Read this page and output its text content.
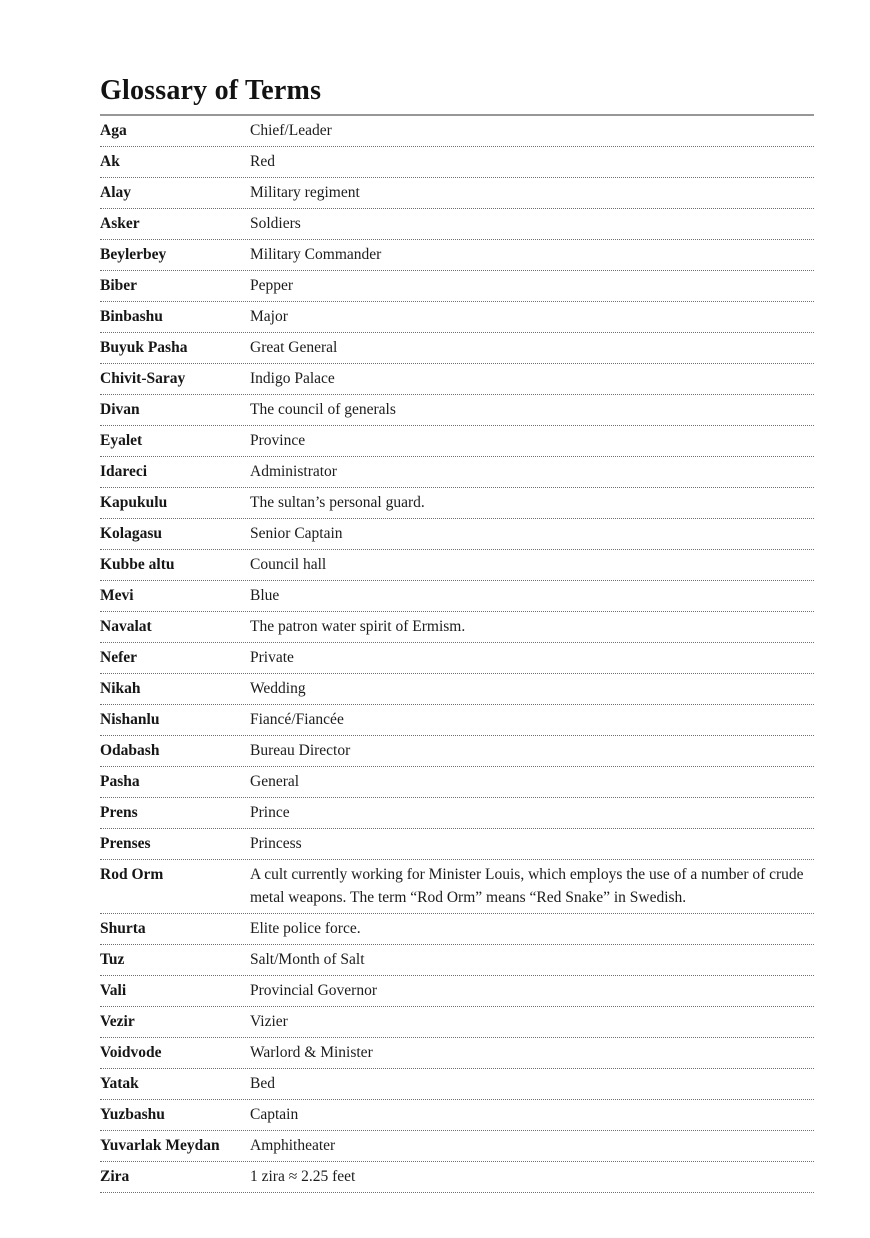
Glossary of Terms
Aga	Chief/Leader
Ak	Red
Alay	Military regiment
Asker	Soldiers
Beylerbey	Military Commander
Biber	Pepper
Binbashu	Major
Buyuk Pasha	Great General
Chivit-Saray	Indigo Palace
Divan	The council of generals
Eyalet	Province
Idareci	Administrator
Kapukulu	The sultan’s personal guard.
Kolagasu	Senior Captain
Kubbe altu	Council hall
Mevi	Blue
Navalat	The patron water spirit of Ermism.
Nefer	Private
Nikah	Wedding
Nishanlu	Fiancé/Fiancée
Odabash	Bureau Director
Pasha	General
Prens	Prince
Prenses	Princess
Rod Orm	A cult currently working for Minister Louis, which employs the use of a number of crude metal weapons. The term “Rod Orm” means “Red Snake” in Swedish.
Shurta	Elite police force.
Tuz	Salt/Month of Salt
Vali	Provincial Governor
Vezir	Vizier
Voidvode	Warlord & Minister
Yatak	Bed
Yuzbashu	Captain
Yuvarlak Meydan	Amphitheater
Zira	1 zira ≈ 2.25 feet
